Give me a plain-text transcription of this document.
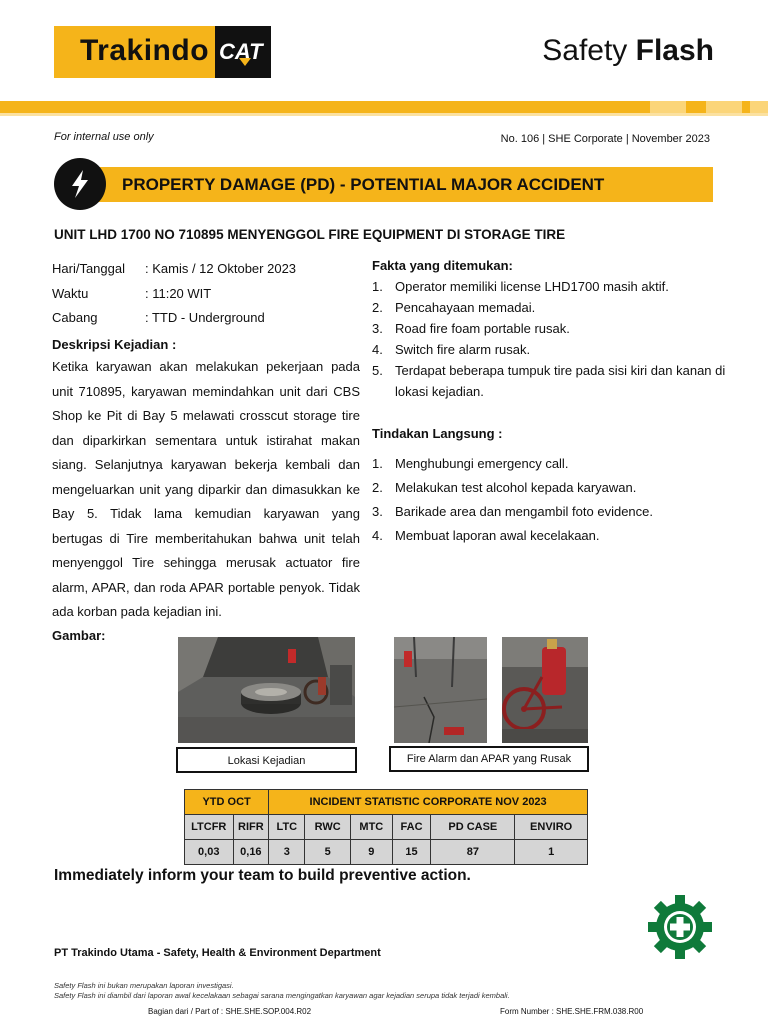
Trakindo CAT	Safety Flash
For internal use only	No. 106 | SHE Corporate | November 2023
PROPERTY DAMAGE (PD) - POTENTIAL MAJOR ACCIDENT
UNIT LHD 1700 NO 710895 MENYENGGOL FIRE EQUIPMENT DI STORAGE TIRE
Hari/Tanggal : Kamis / 12 Oktober 2023
Waktu	: 11:20 WIT
Cabang	: TTD - Underground
Deskripsi Kejadian :
Ketika karyawan akan melakukan pekerjaan pada unit 710895, karyawan memindahkan unit dari CBS Shop ke Pit di Bay 5 melawati crosscut storage tire dan diparkirkan sementara untuk istirahat makan siang. Selanjutnya karyawan bekerja kembali dan mengeluarkan unit yang diparkir dan dimasukkan ke Bay 5. Tidak lama kemudian karyawan yang bertugas di Tire memberitahukan bahwa unit telah menyenggol Tire sehingga merusak actuator fire alarm, APAR, dan roda APAR portable penyok. Tidak ada korban pada kejadian ini.
Fakta yang ditemukan:
1. Operator memiliki license LHD1700 masih aktif.
2. Pencahayaan memadai.
3. Road fire foam portable rusak.
4. Switch fire alarm rusak.
5. Terdapat beberapa tumpuk tire pada sisi kiri dan kanan di lokasi kejadian.
Tindakan Langsung :
1. Menghubungi emergency call.
2. Melakukan test alcohol kepada karyawan.
3. Barikade area dan mengambil foto evidence.
4. Membuat laporan awal kecelakaan.
Gambar:
Lokasi Kejadian	Fire Alarm dan APAR yang Rusak
YTD OCT		INCIDENT STATISTIC CORPORATE NOV 2023					
LTCFR	RIFR	LTC	RWC	MTC	FAC	PD CASE	ENVIRO
0,03	0,16	3	5	9	15	87	1
Immediately inform your team to build preventive action.
PT Trakindo Utama - Safety, Health & Environment Department
Safety Flash ini bukan merupakan laporan investigasi.
Safety Flash ini diambil dari laporan awal kecelakaan sebagai sarana mengingatkan karyawan agar kejadian serupa tidak terjadi kembali.
Bagian dari / Part of : SHE.SHE.SOP.004.R02	Form Number : SHE.SHE.FRM.038.R00
